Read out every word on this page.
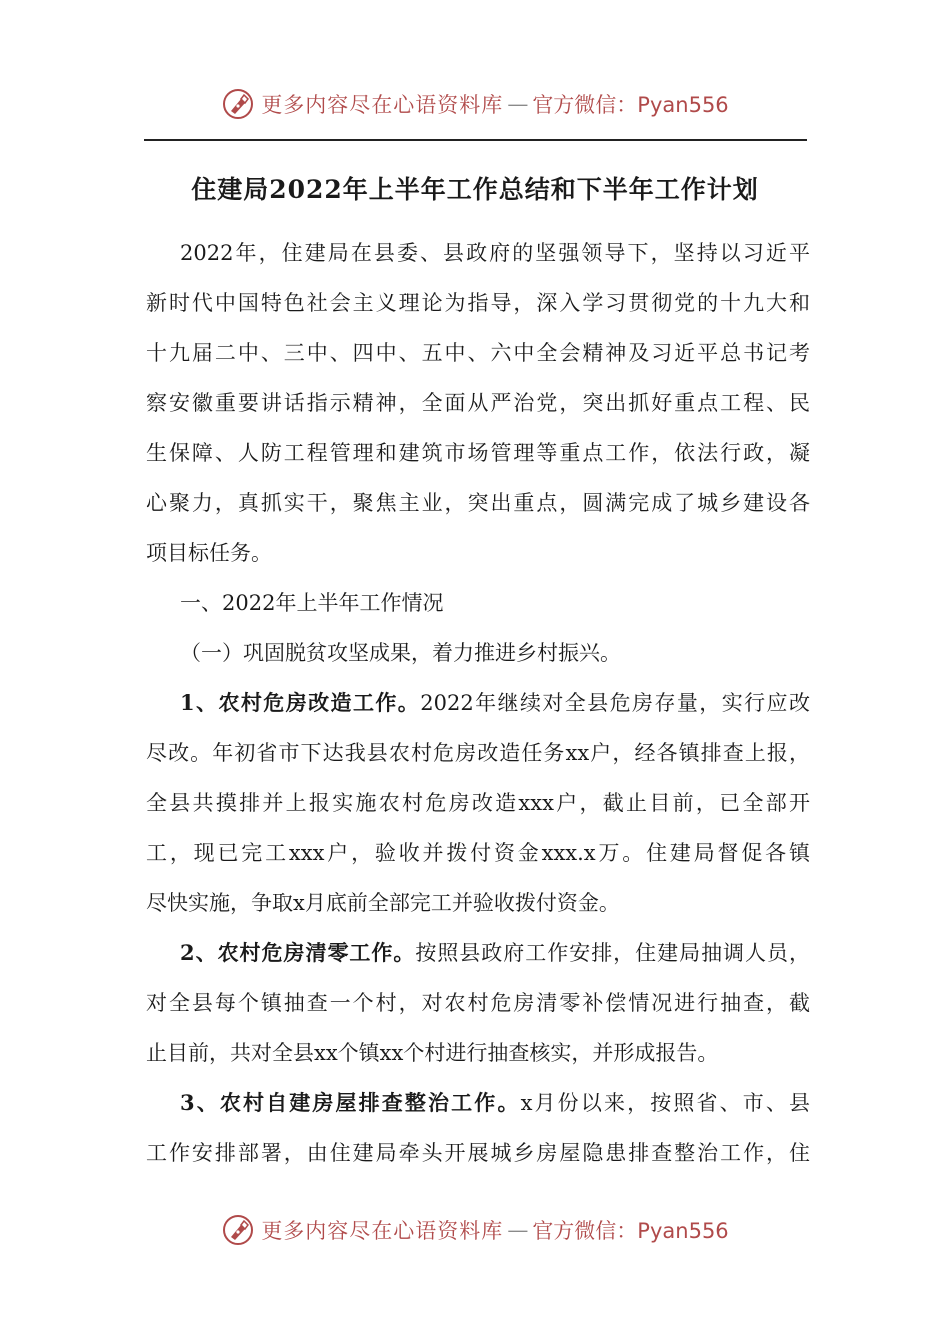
更多内容尽在心语资料库 — 官方微信：Pyan556
住建局2022年上半年工作总结和下半年工作计划

2022年，住建局在县委、县政府的坚强领导下，坚持以习近平
新时代中国特色社会主义理论为指导，深入学习贯彻党的十九大和
十九届二中、三中、四中、五中、六中全会精神及习近平总书记考
察安徽重要讲话指示精神，全面从严治党，突出抓好重点工程、民
生保障、人防工程管理和建筑市场管理等重点工作，依法行政，凝
心聚力，真抓实干，聚焦主业，突出重点，圆满完成了城乡建设各
项目标任务。

一、2022年上半年工作情况

（一）巩固脱贫攻坚成果，着力推进乡村振兴。

1、农村危房改造工作。2022年继续对全县危房存量，实行应改
尽改。年初省市下达我县农村危房改造任务xx户，经各镇排查上报，
全县共摸排并上报实施农村危房改造xxx户，截止目前，已全部开
工，现已完工xxx户，验收并拨付资金xxx.x万。住建局督促各镇
尽快实施，争取x月底前全部完工并验收拨付资金。

2、农村危房清零工作。按照县政府工作安排，住建局抽调人员，
对全县每个镇抽查一个村，对农村危房清零补偿情况进行抽查，截
止目前，共对全县xx个镇xx个村进行抽查核实，并形成报告。

3、农村自建房屋排查整治工作。x月份以来，按照省、市、县
工作安排部署，由住建局牵头开展城乡房屋隐患排查整治工作，住

更多内容尽在心语资料库 — 官方微信：Pyan556
